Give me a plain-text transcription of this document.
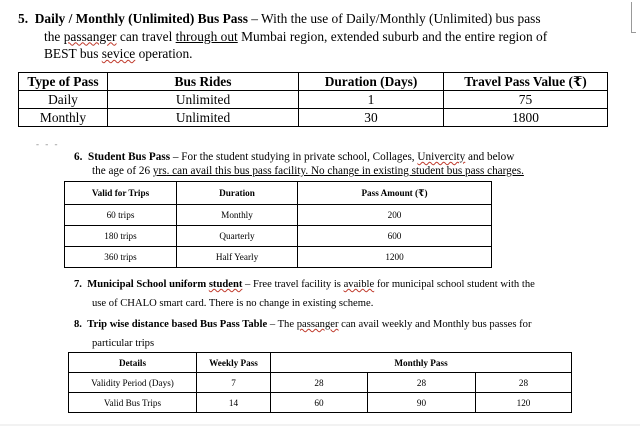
5. Daily / Monthly (Unlimited) Bus Pass – With the use of Daily/Monthly (Unlimited) bus pass
the passanger can travel through out Mumbai region, extended suburb and the entire region of
BEST bus sevice operation.
Type of Pass	Bus Rides	Duration (Days)	Travel Pass Value (₹)
Daily	Unlimited	1	75
Monthly	Unlimited	30	1800
- - -
6. Student Bus Pass – For the student studying in private school, Collages, Univercity and below
the age of 26 yrs. can avail this bus pass facility. No change in existing student bus pass charges.
Valid for Trips	Duration	Pass Amount (₹)
60 trips	Monthly	200
180 trips	Quarterly	600
360 trips	Half Yearly	1200
7. Municipal School uniform student – Free travel facility is avaible for municipal school student with the
use of CHALO smart card. There is no change in existing scheme.
8. Trip wise distance based Bus Pass Table – The passanger can avail weekly and Monthly bus passes for
particular trips
Details	Weekly Pass	Monthly Pass		
Validity Period (Days)	7	28	28	28
Valid Bus Trips	14	60	90	120
